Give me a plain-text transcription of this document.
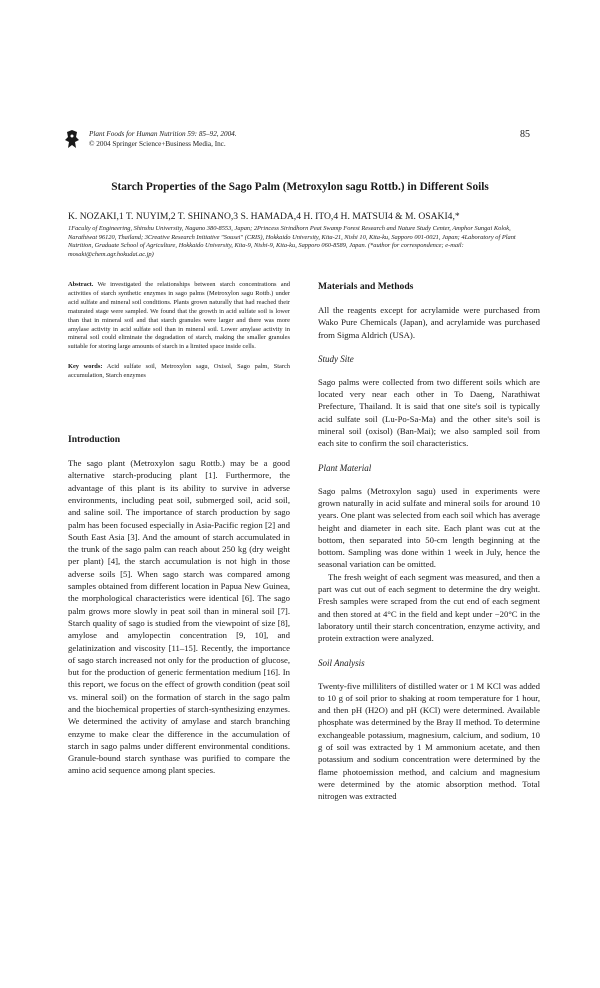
Plant Foods for Human Nutrition 59: 85–92, 2004.
© 2004 Springer Science+Business Media, Inc.
85
Starch Properties of the Sago Palm (Metroxylon sagu Rottb.) in Different Soils
K. NOZAKI,1 T. NUYIM,2 T. SHINANO,3 S. HAMADA,4 H. ITO,4 H. MATSUI4 & M. OSAKI4,*
1Faculty of Engineering, Shinshu University, Nagano 380-8553, Japan; 2Princess Sirindhorn Peat Swamp Forest Research and Nature Study Center, Amphor Sungai Kolok, Narathiwat 96120, Thailand; 3Creative Research Initiative "Sousei" (CRIS), Hokkaido University, Kita-21, Nishi 10, Kita-ku, Sapporo 001-0021, Japan; 4Laboratory of Plant Nutrition, Graduate School of Agriculture, Hokkaido University, Kita-9, Nishi-9, Kita-ku, Sapporo 060-8589, Japan. (*author for correspondence; e-mail: mosaki@chem.agr.hokudai.ac.jp)

Abstract. We investigated the relationships between starch concentrations and activities of starch synthetic enzymes in sago palms (Metroxylon sagu Rottb.) under acid sulfate and mineral soil conditions. Plants grown naturally that had reached their maturated stage were sampled. We found that the growth in acid sulfate soil is lower than that in mineral soil and that starch granules were larger and there was more amylase activity in acid sulfate soil than in mineral soil. Lower amylase activity in mineral soil could eliminate the degradation of starch, making the smaller granules suitable for storing large amounts of starch in a limited space inside cells.

Key words: Acid sulfate soil, Metroxylon sagu, Oxisol, Sago palm, Starch accumulation, Starch enzymes

Introduction

The sago plant (Metroxylon sagu Rottb.) may be a good alternative starch-producing plant [1]. Furthermore, the advantage of this plant is its ability to survive in adverse environments, including peat soil, submerged soil, acid soil, and saline soil. The importance of starch production by sago palm has been focused especially in Asia-Pacific region [2] and South East Asia [3]. And the amount of starch accumulated in the trunk of the sago palm can reach about 250 kg (dry weight per plant) [4], the starch accumulation is not high in those adverse soils [5]. When sago starch was compared among samples obtained from different location in Papua New Guinea, the morphological characteristics were identical [6]. The sago palm grows more slowly in peat soil than in mineral soil [7]. Starch quality of sago is studied from the viewpoint of size [8], amylose and amylopectin concentration [9, 10], and gelatinization and viscosity [11–15]. Recently, the importance of sago starch increased not only for the production of glucose, but for the production of generic fermentation medium [16]. In this report, we focus on the effect of growth condition (peat soil vs. mineral soil) on the formation of starch in the sago palm and the biochemical properties of starch-synthesizing enzymes. We determined the activity of amylase and starch branching enzyme to make clear the difference in the accumulation of starch in sago palms under different environmental conditions. Granule-bound starch synthase was purified to compare the amino acid sequence among plant species.

Materials and Methods

All the reagents except for acrylamide were purchased from Wako Pure Chemicals (Japan), and acrylamide was purchased from Sigma Aldrich (USA).

Study Site

Sago palms were collected from two different soils which are located very near each other in To Daeng, Narathiwat Prefecture, Thailand. It is said that one site's soil is typically acid sulfate soil (Lu-Po-Sa-Ma) and the other site's soil is mineral soil (oxisol) (Ban-Mai); we also sampled soil from each site to confirm the soil characteristics.

Plant Material

Sago palms (Metroxylon sagu) used in experiments were grown naturally in acid sulfate and mineral soils for around 10 years. One plant was selected from each soil which has average height and diameter in each site. Each plant was cut at the bottom, then separated into 50-cm length beginning at the bottom. Sampling was done within 1 week in July, hence the seasonal variation can be omitted.

The fresh weight of each segment was measured, and then a part was cut out of each segment to determine the dry weight. Fresh samples were scraped from the cut end of each segment and then stored at 4°C in the field and kept under −20°C in the laboratory until their starch concentration, enzyme activity, and protein extraction were analyzed.

Soil Analysis

Twenty-five milliliters of distilled water or 1 M KCl was added to 10 g of soil prior to shaking at room temperature for 1 hour, and then pH (H2O) and pH (KCl) were determined. Available phosphate was determined by the Bray II method. To determine exchangeable potassium, magnesium, calcium, and sodium, 10 g of soil was extracted by 1 M ammonium acetate, and then potassium and sodium concentration were determined by the flame photoemission method, and calcium and magnesium were determined by the atomic absorption method. Total nitrogen was extracted
